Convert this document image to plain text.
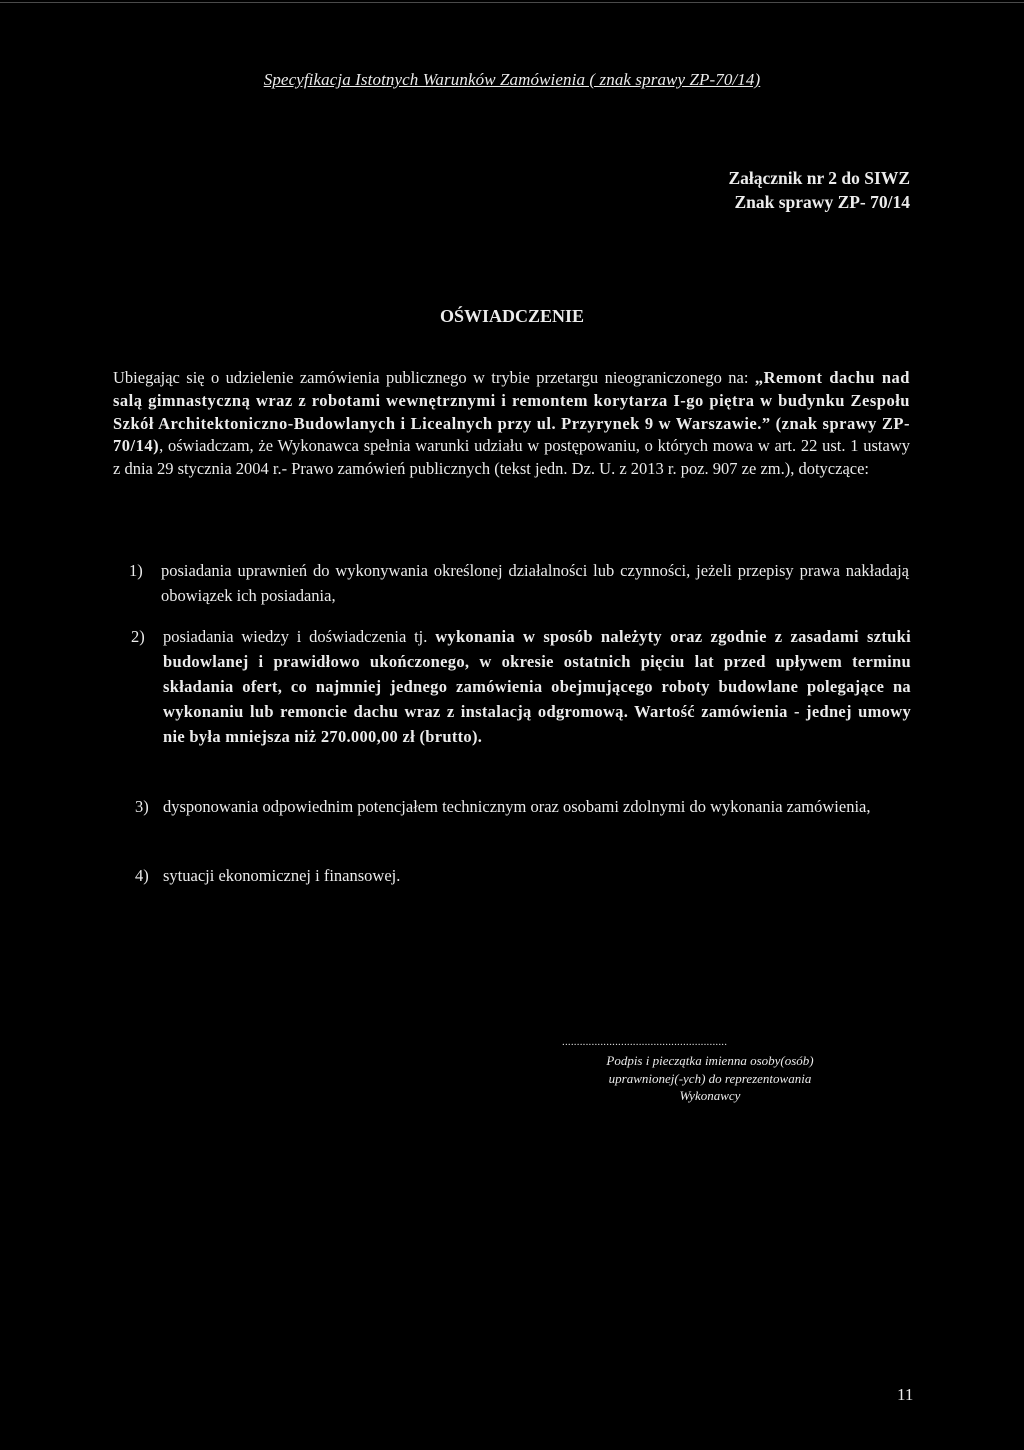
Specyfikacja Istotnych Warunków Zamówienia ( znak sprawy ZP-70/14)
Załącznik nr 2 do SIWZ
Znak sprawy ZP- 70/14
OŚWIADCZENIE
Ubiegając się o udzielenie zamówienia publicznego w trybie przetargu nieograniczonego na: „Remont dachu nad salą gimnastyczną wraz z robotami wewnętrznymi i remontem korytarza I-go piętra w budynku Zespołu Szkół Architektoniczno-Budowlanych i Licealnych przy ul. Przyrynek 9 w Warszawie.” (znak sprawy ZP-70/14), oświadczam, że Wykonawca spełnia warunki udziału w postępowaniu, o których mowa w art. 22 ust. 1 ustawy z dnia 29 stycznia 2004 r.- Prawo zamówień publicznych (tekst jedn. Dz. U. z 2013 r. poz. 907 ze zm.), dotyczące:
1) posiadania uprawnień do wykonywania określonej działalności lub czynności, jeżeli przepisy prawa nakładają obowiązek ich posiadania,
2) posiadania wiedzy i doświadczenia tj. wykonania w sposób należyty oraz zgodnie z zasadami sztuki budowlanej i prawidłowo ukończonego, w okresie ostatnich pięciu lat przed upływem terminu składania ofert, co najmniej jednego zamówienia obejmującego roboty budowlane polegające na wykonaniu lub remoncie dachu wraz z instalacją odgromową. Wartość zamówienia - jednej umowy nie była mniejsza niż 270.000,00 zł (brutto).
3) dysponowania odpowiednim potencjałem technicznym oraz osobami zdolnymi do wykonania zamówienia,
4) sytuacji ekonomicznej i finansowej.
........................................................
Podpis i pieczątka imienna osoby(osób)
uprawnionej(-ych) do reprezentowania
Wykonawcy
11
